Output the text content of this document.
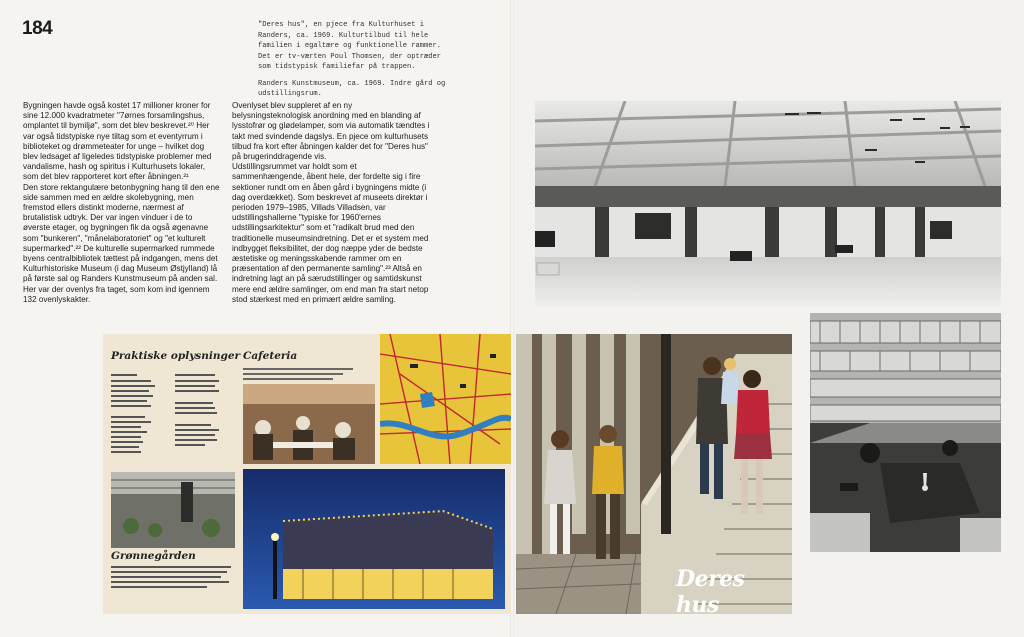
184	"Deres hus", en pjece fra Kulturhuset i Randers, ca. 1969. Kulturtilbud til hele familien i egaltære og funktionelle rammer. Det er tv-værten Poul Thomsen, der optræder som tidstypisk familiefar på trappen.

Randers Kunstmuseum, ca. 1969. Indre gård og udstillingsrum.

Bygningen havde også kostet 17 millioner kroner for sine 12.000 kvadratmeter "7ørnes forsamlingshus, omplantet til bymiljø", som det blev beskrevet.²⁰ Her var også tidstypiske nye tiltag som et eventyrrum i biblioteket og drømmeteater for unge – hvilket dog blev ledsaget af ligeledes tidstypiske problemer med vandalisme, hash og spiritus i Kulturhusets lokaler, som det blev rapporteret kort efter åbningen.²¹

Den store rektangulære betonbygning hang til den ene side sammen med en ældre skolebygning, men fremstod ellers distinkt moderne, nærmest af brutalistisk udtryk. Der var ingen vinduer i de to øverste etager, og bygningen fik da også øgenavne som "bunkeren", "månelaboratoriet" og "et kulturelt supermarked".²² De kulturelle supermarked rummede byens centralbibliotek tættest på indgangen, mens det Kulturhistoriske Museum (i dag Museum Østjylland) lå på første sal og Randers Kunstmuseum på anden sal. Her var der ovenlys fra taget, som kom ind igennem 132 ovenlyskakter.

Ovenlyset blev suppleret af en ny belysningsteknologisk anordning med en blanding af lysstofrør og glødelamper, som via automatik tændtes i takt med svindende dagslys. En pjece om kulturhusets tilbud fra kort efter åbningen kalder det for "Deres hus" på brugerinddragende vis.

Udstillingsrummet var holdt som et sammenhængende, åbent hele, der fordelte sig i fire sektioner rundt om en åben gård i bygningens midte (i dag overdækket). Som beskrevet af museets direktør i perioden 1979–1985, Villads Villadsen, var udstillingshallerne "typiske for 1960'ernes udstillingsarkitektur" som et "radikalt brud med den traditionelle museumsindretning. Det er et system med indbygget fleksibilitet, der dog næppe yder de bedste æstetiske og meningsskabende rammer om en præsentation af den permanente samling".²³ Altså en indretning lagt an på særudstillinger og samtidskunst mere end ældre samlinger, om end man fra start netop stod stærkest med en primært ældre samling.

Praktiske oplysninger Cafeteria
Grønnegården
Deres hus
